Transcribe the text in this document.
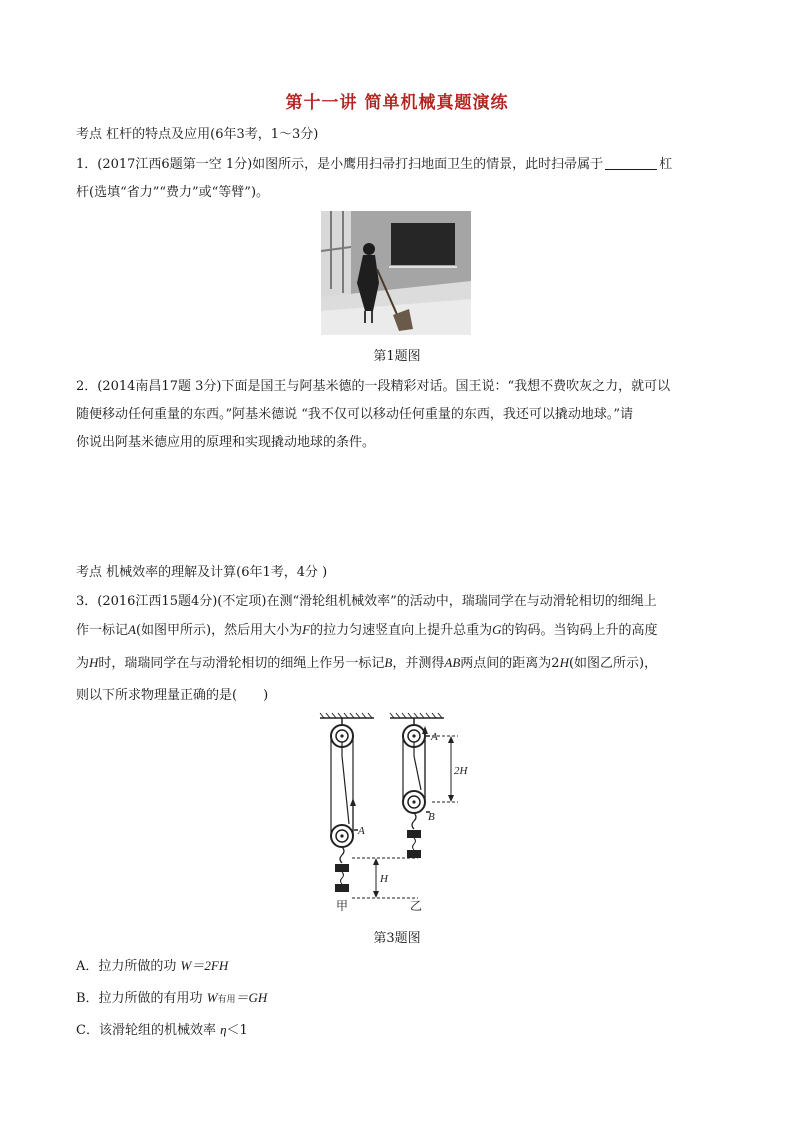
第十一讲 简单机械真题演练
考点 杠杆的特点及应用(6年3考，1～3分)
1．(2017江西6题第一空 1分)如图所示，是小鹰用扫帚打扫地面卫生的情景，此时扫帚属于	杠
杆(选填“省力”“费力”或“等臂”)。
第1题图
2．(2014南昌17题 3分)下面是国王与阿基米德的一段精彩对话。国王说：“我想不费吹灰之力，就可以
随便移动任何重量的东西。”阿基米德说 “我不仅可以移动任何重量的东西，我还可以撬动地球。”请
你说出阿基米德应用的原理和实现撬动地球的条件。
考点 机械效率的理解及计算(6年1考，4分 )
3．(2016江西15题4分)(不定项)在测“滑轮组机械效率”的活动中，瑞瑞同学在与动滑轮相切的细绳上
作一标记A(如图甲所示)，然后用大小为F的拉力匀速竖直向上提升总重为G的钩码。当钩码上升的高度
为H时，瑞瑞同学在与动滑轮相切的细绳上作另一标记B，并测得AB两点间的距离为2H(如图乙所示)，
则以下所求物理量正确的是(　　)
A
A
B
H
2H
甲	乙
第3题图
A．拉力所做的功 W＝2FH
B．拉力所做的有用功 W有用＝GH
C．该滑轮组的机械效率 η＜1
